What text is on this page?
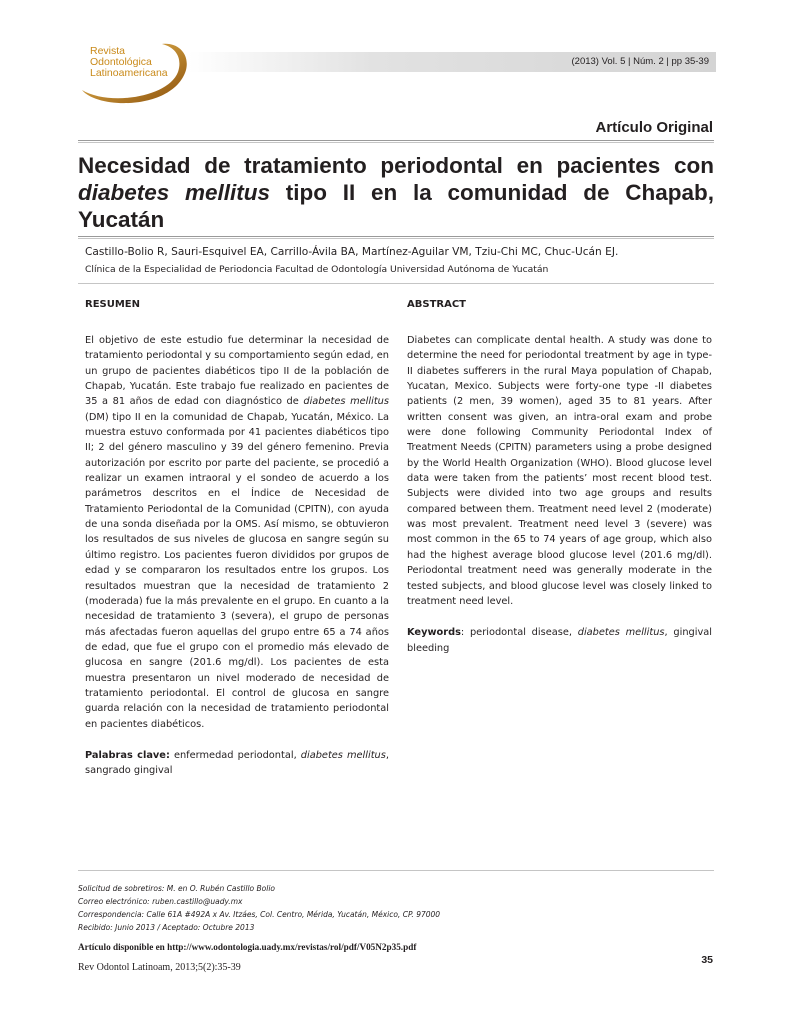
Revista
Odontológica
Latinoamericana
(2013) Vol. 5 | Núm. 2 | pp 35-39
Artículo Original
Necesidad de tratamiento periodontal en pacientes con diabetes mellitus tipo II en la comunidad de Chapab, Yucatán
Castillo-Bolio R, Sauri-Esquivel EA, Carrillo-Ávila BA, Martínez-Aguilar VM, Tziu-Chi MC, Chuc-Ucán EJ.
Clínica de la Especialidad de Periodoncia Facultad de Odontología Universidad Autónoma de Yucatán
RESUMEN	ABSTRACT
El objetivo de este estudio fue determinar la necesidad de tratamiento periodontal y su comportamiento según edad, en un grupo de pacientes diabéticos tipo II de la población de Chapab, Yucatán. Este trabajo fue realizado en pacientes de 35 a 81 años de edad con diagnóstico de diabetes mellitus (DM) tipo II en la comunidad de Chapab, Yucatán, México. La muestra estuvo conformada por 41 pacientes diabéticos tipo II; 2 del género masculino y 39 del género femenino. Previa autorización por escrito por parte del paciente, se procedió a realizar un examen intraoral y el sondeo de acuerdo a los parámetros descritos en el Índice de Necesidad de Tratamiento Periodontal de la Comunidad (CPITN), con ayuda de una sonda diseñada por la OMS. Así mismo, se obtuvieron los resultados de sus niveles de glucosa en sangre según su último registro. Los pacientes fueron divididos por grupos de edad y se compararon los resultados entre los grupos. Los resultados muestran que la necesidad de tratamiento 2 (moderada) fue la más prevalente en el grupo. En cuanto a la necesidad de tratamiento 3 (severa), el grupo de personas más afectadas fueron aquellas del grupo entre 65 a 74 años de edad, que fue el grupo con el promedio más elevado de glucosa en sangre (201.6 mg/dl). Los pacientes de esta muestra presentaron un nivel moderado de necesidad de tratamiento periodontal. El control de glucosa en sangre guarda relación con la necesidad de tratamiento periodontal en pacientes diabéticos.
Palabras clave: enfermedad periodontal, diabetes mellitus, sangrado gingival
Diabetes can complicate dental health. A study was done to determine the need for periodontal treatment by age in type-II diabetes sufferers in the rural Maya population of Chapab, Yucatan, Mexico. Subjects were forty-one type -II diabetes patients (2 men, 39 women), aged 35 to 81 years. After written consent was given, an intra-oral exam and probe were done following Community Periodontal Index of Treatment Needs (CPITN) parameters using a probe designed by the World Health Organization (WHO). Blood glucose level data were taken from the patients’ most recent blood test. Subjects were divided into two age groups and results compared between them. Treatment need level 2 (moderate) was most prevalent. Treatment need level 3 (severe) was most common in the 65 to 74 years of age group, which also had the highest average blood glucose level (201.6 mg/dl). Periodontal treatment need was generally moderate in the tested subjects, and blood glucose level was closely linked to treatment need level.
Keywords: periodontal disease, diabetes mellitus, gingival bleeding
Solicitud de sobretiros: M. en O. Rubén Castillo Bolio
Correo electrónico: ruben.castillo@uady.mx
Correspondencia: Calle 61A #492A x Av. Itzáes, Col. Centro, Mérida, Yucatán, México, CP. 97000
Recibido: Junio 2013 / Aceptado: Octubre 2013
Artículo disponible en http://www.odontologia.uady.mx/revistas/rol/pdf/V05N2p35.pdf
Rev Odontol Latinoam, 2013;5(2):35-39
35
